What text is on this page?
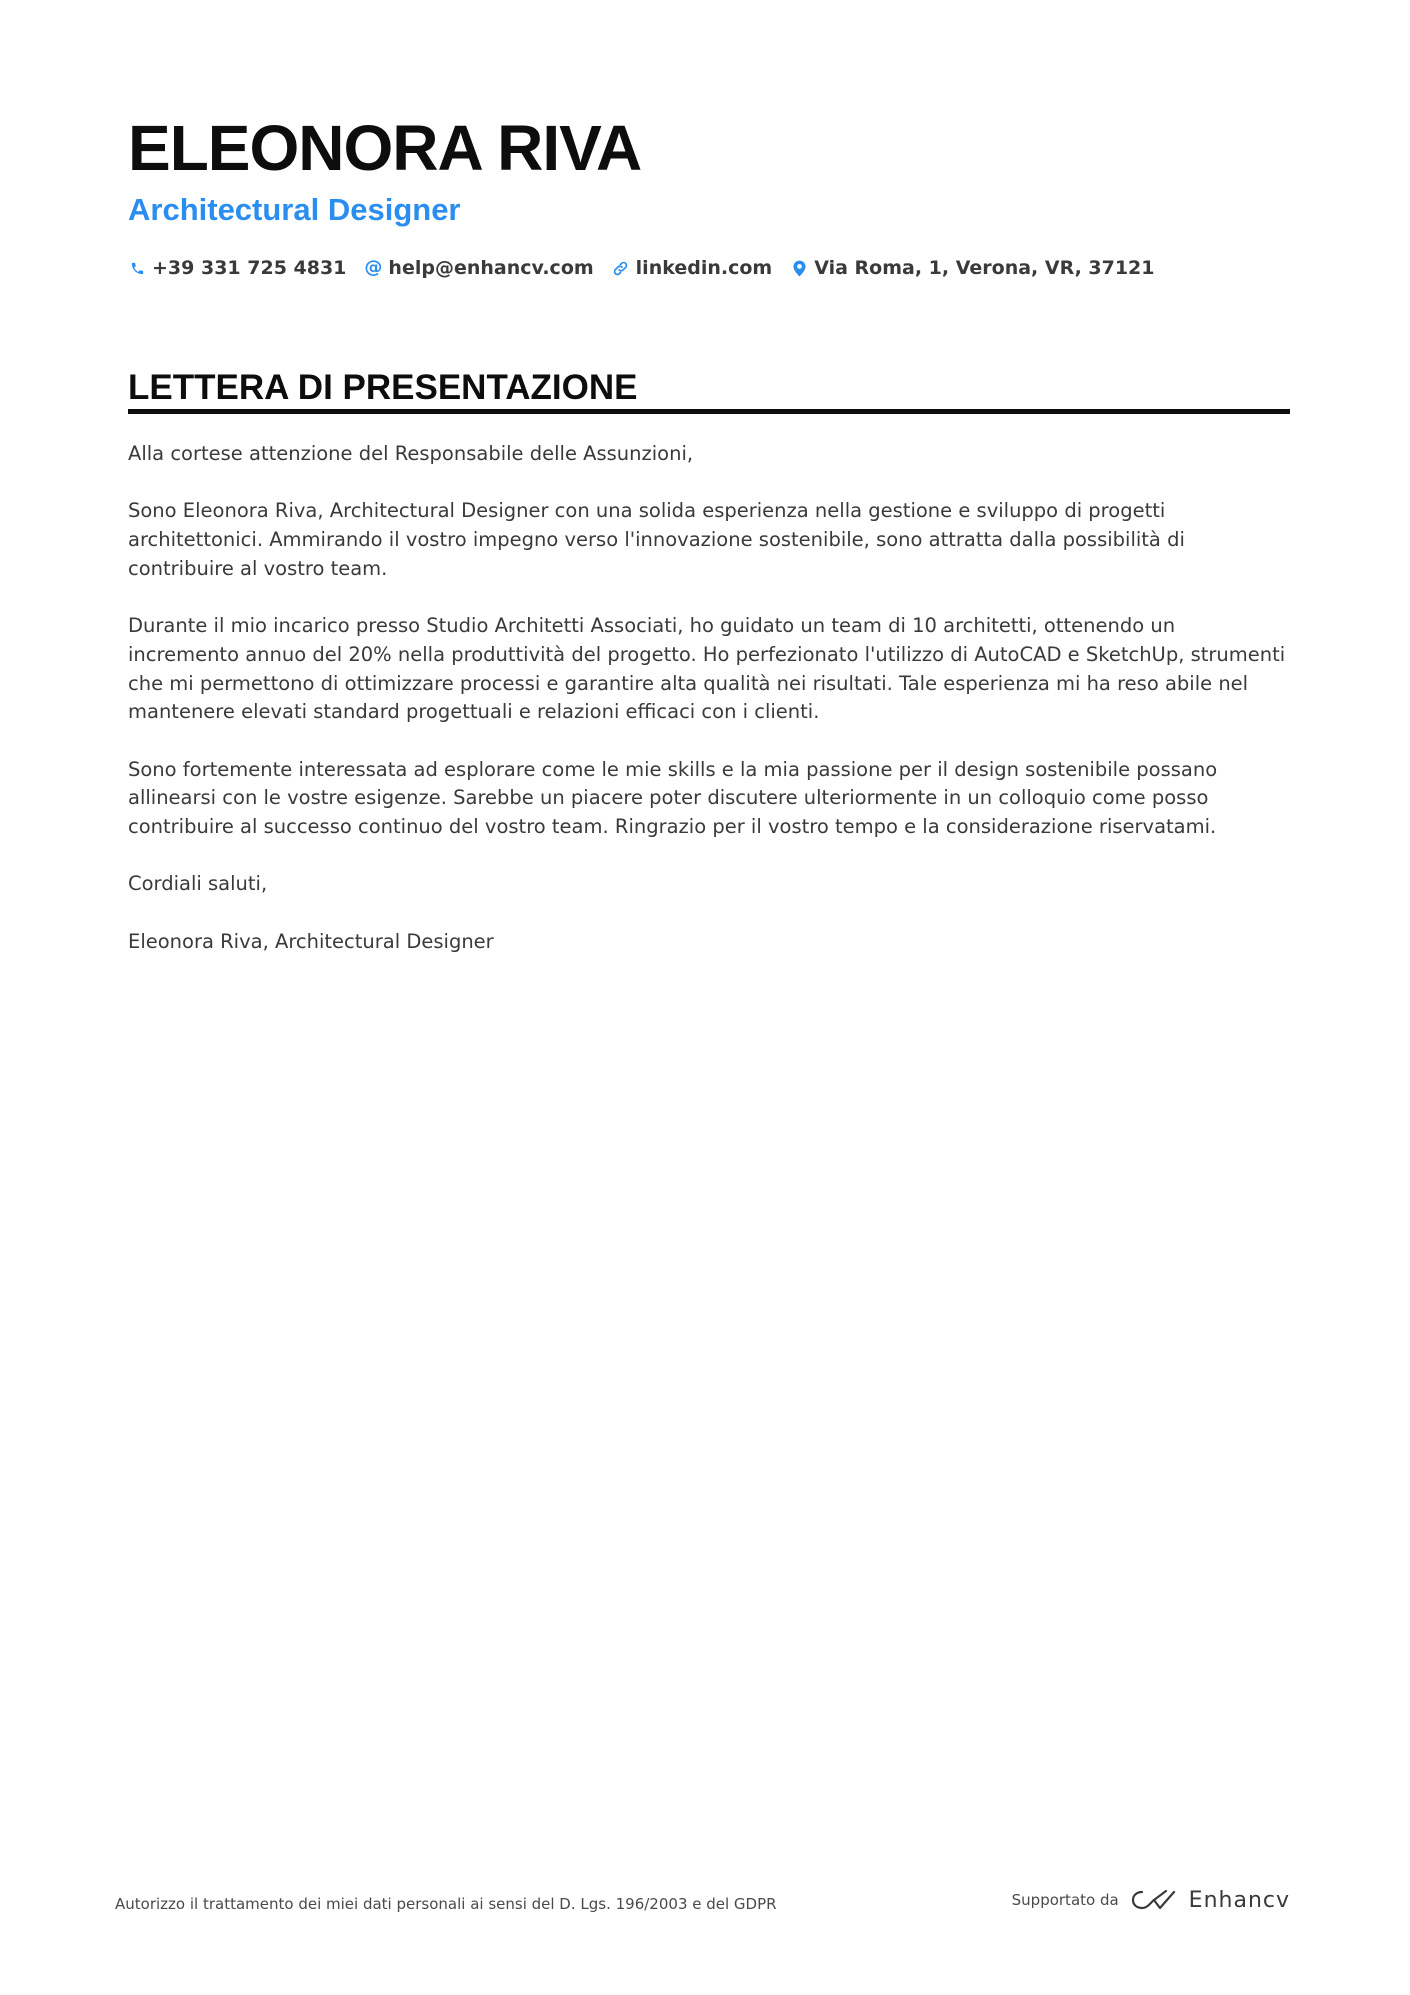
ELEONORA RIVA
Architectural Designer
+39 331 725 4831 @ help@enhancv.com linkedin.com Via Roma, 1, Verona, VR, 37121
LETTERA DI PRESENTAZIONE

Alla cortese attenzione del Responsabile delle Assunzioni,

Sono Eleonora Riva, Architectural Designer con una solida esperienza nella gestione e sviluppo di progetti architettonici. Ammirando il vostro impegno verso l'innovazione sostenibile, sono attratta dalla possibilità di contribuire al vostro team.

Durante il mio incarico presso Studio Architetti Associati, ho guidato un team di 10 architetti, ottenendo un incremento annuo del 20% nella produttività del progetto. Ho perfezionato l'utilizzo di AutoCAD e SketchUp, strumenti che mi permettono di ottimizzare processi e garantire alta qualità nei risultati. Tale esperienza mi ha reso abile nel mantenere elevati standard progettuali e relazioni efficaci con i clienti.

Sono fortemente interessata ad esplorare come le mie skills e la mia passione per il design sostenibile possano allinearsi con le vostre esigenze. Sarebbe un piacere poter discutere ulteriormente in un colloquio come posso contribuire al successo continuo del vostro team. Ringrazio per il vostro tempo e la considerazione riservatami.

Cordiali saluti,

Eleonora Riva, Architectural Designer

Autorizzo il trattamento dei miei dati personali ai sensi del D. Lgs. 196/2003 e del GDPR	Supportato da	Enhancv
